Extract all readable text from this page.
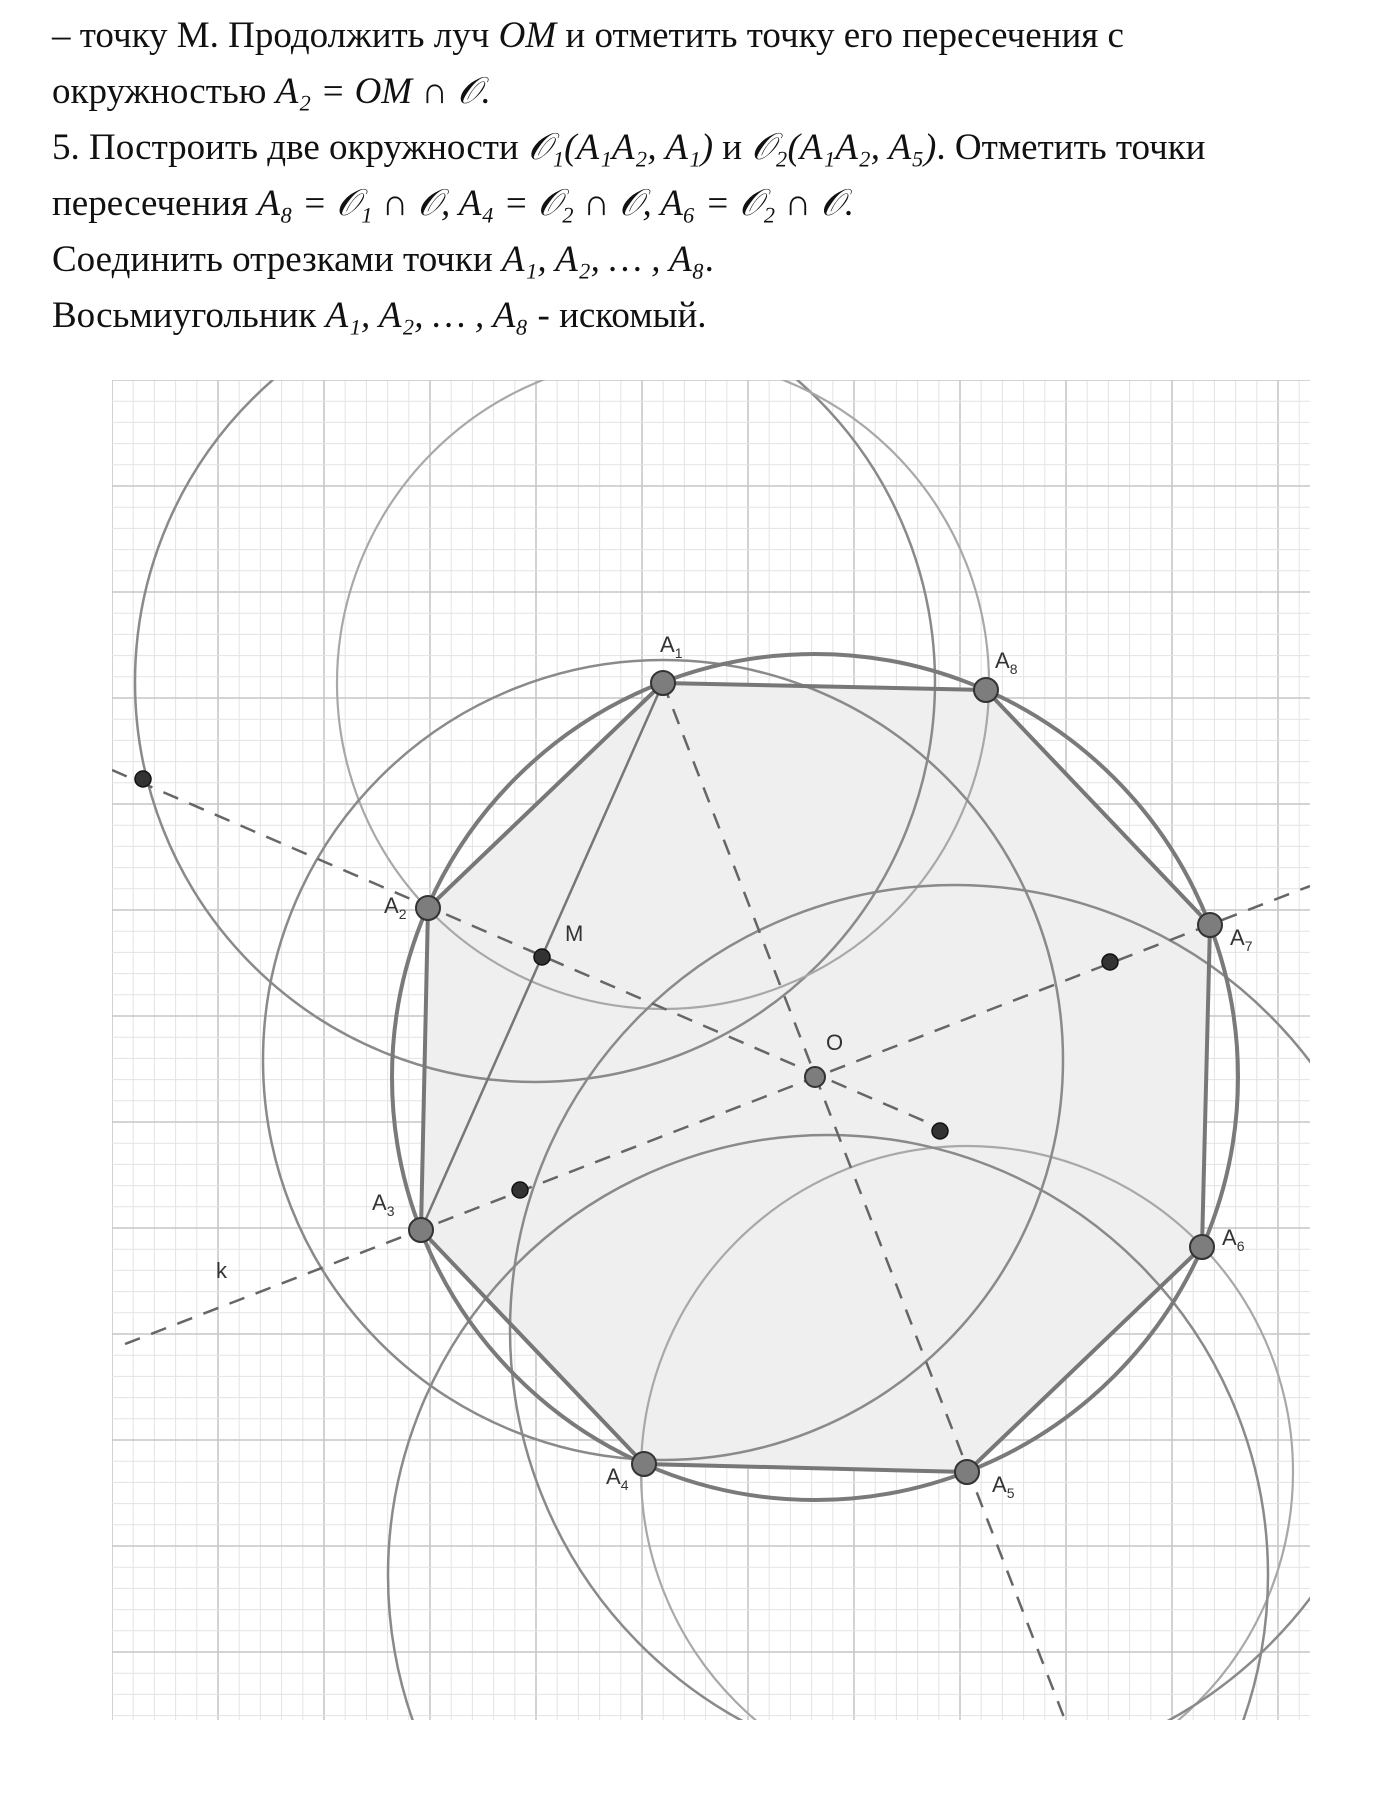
– точку M. Продолжить луч OM и отметить точку его пересечения с
окружностью A₂ = OM ∩ 𝒪.
5. Построить две окружности 𝒪₁(A₁A₂, A₁) и 𝒪₂(A₁A₂, A₅). Отметить точки
пересечения A₈ = 𝒪₁ ∩ 𝒪, A₄ = 𝒪₂ ∩ 𝒪, A₆ = 𝒪₂ ∩ 𝒪.
Соединить отрезками точки A₁, A₂, … , A₈.
Восьмиугольник A₁, A₂, … , A₈ - искомый.
$A_1$	$A_8$
$A_7$
$A_6$
$A_5$
$A_4$
$A_3$
$A_2$
M
O
k
